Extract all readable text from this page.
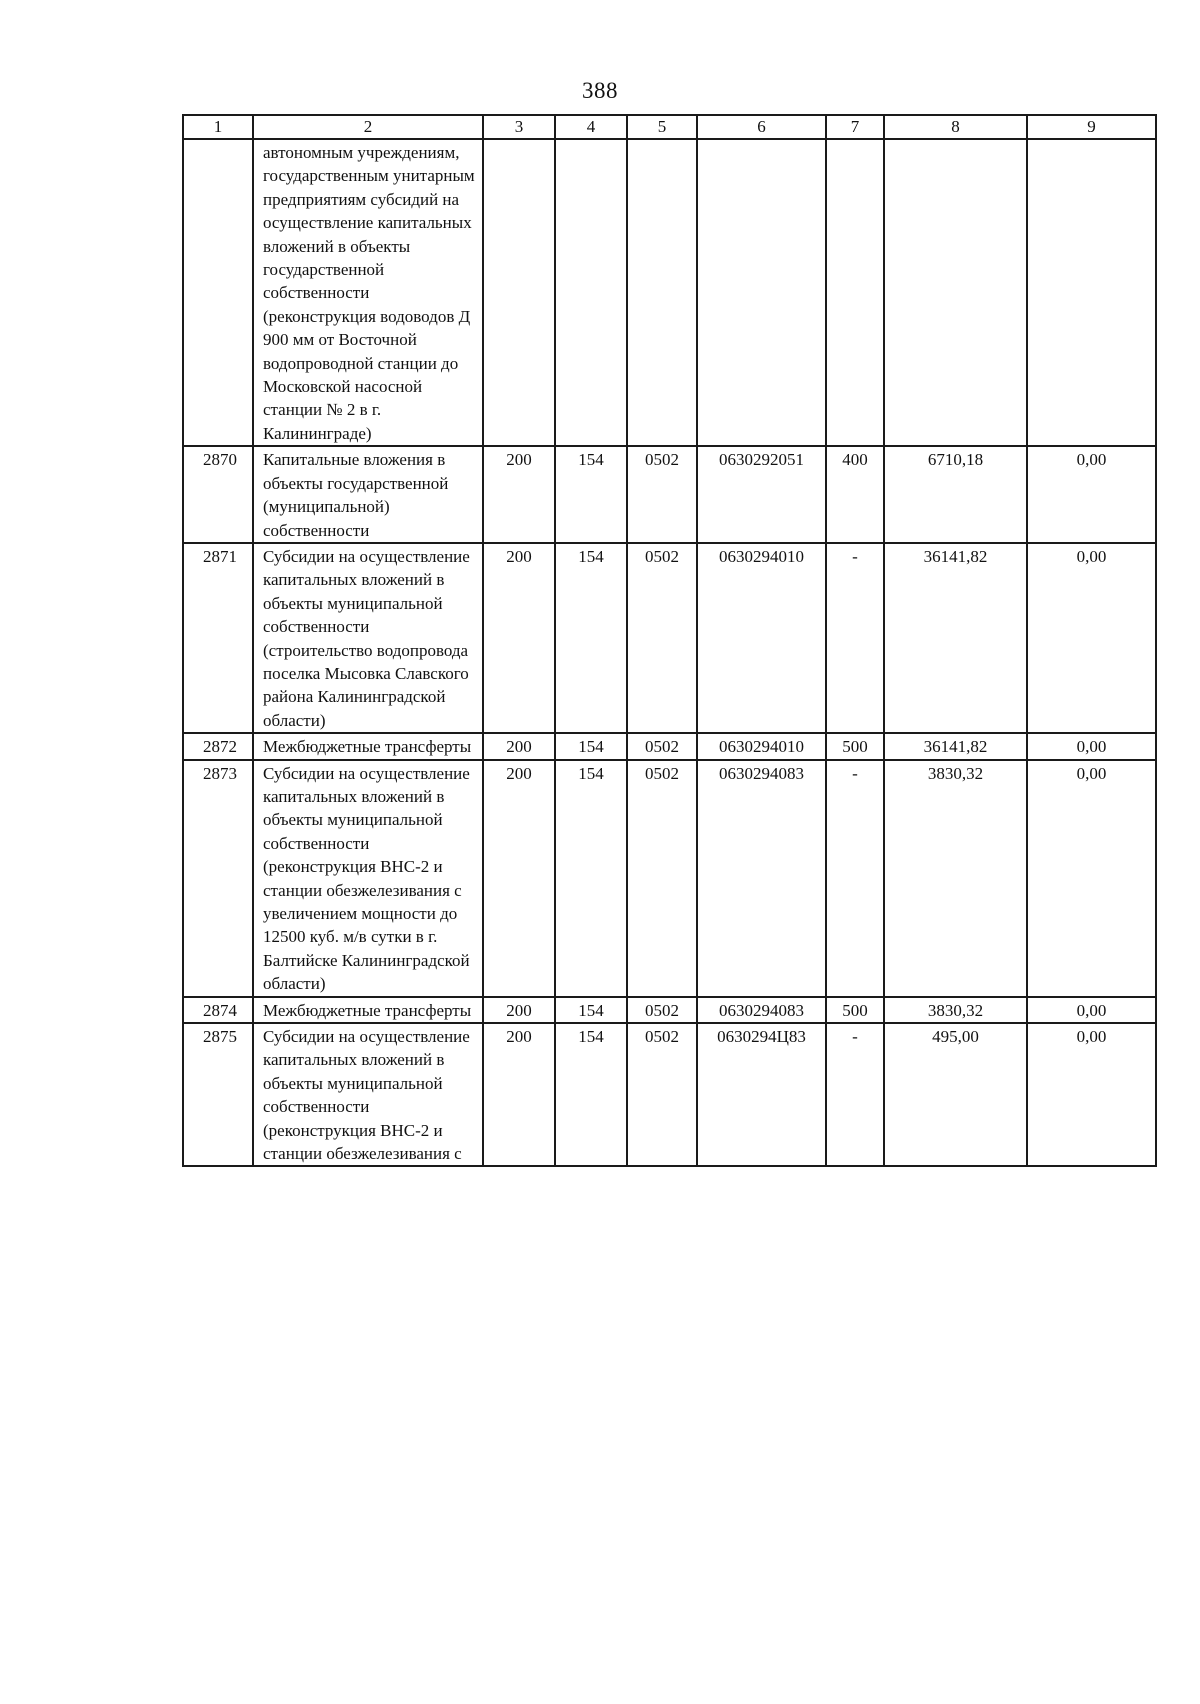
388
1	2	3	4	5	6	7	8	9
	автономным учреждениям, государственным унитарным предприятиям субсидий на осуществление капитальных вложений в объекты государственной собственности (реконструкция водоводов Д 900 мм от Восточной водопроводной станции до Московской насосной станции № 2 в г. Калининграде)							
2870	Капитальные вложения в объекты государственной (муниципальной) собственности	200	154	0502	0630292051	400	6710,18	0,00
2871	Субсидии на осуществление капитальных вложений в объекты муниципальной собственности (строительство водопровода поселка Мысовка Славского района Калининградской области)	200	154	0502	0630294010	-	36141,82	0,00
2872	Межбюджетные трансферты	200	154	0502	0630294010	500	36141,82	0,00
2873	Субсидии на осуществление капитальных вложений в объекты муниципальной собственности (реконструкция ВНС-2 и станции обезжелезивания с увеличением мощности до 12500 куб. м/в сутки в г. Балтийске Калининградской области)	200	154	0502	0630294083	-	3830,32	0,00
2874	Межбюджетные трансферты	200	154	0502	0630294083	500	3830,32	0,00
2875	Субсидии на осуществление капитальных вложений в объекты муниципальной собственности (реконструкция ВНС-2 и станции обезжелезивания с	200	154	0502	0630294Ц83	-	495,00	0,00
